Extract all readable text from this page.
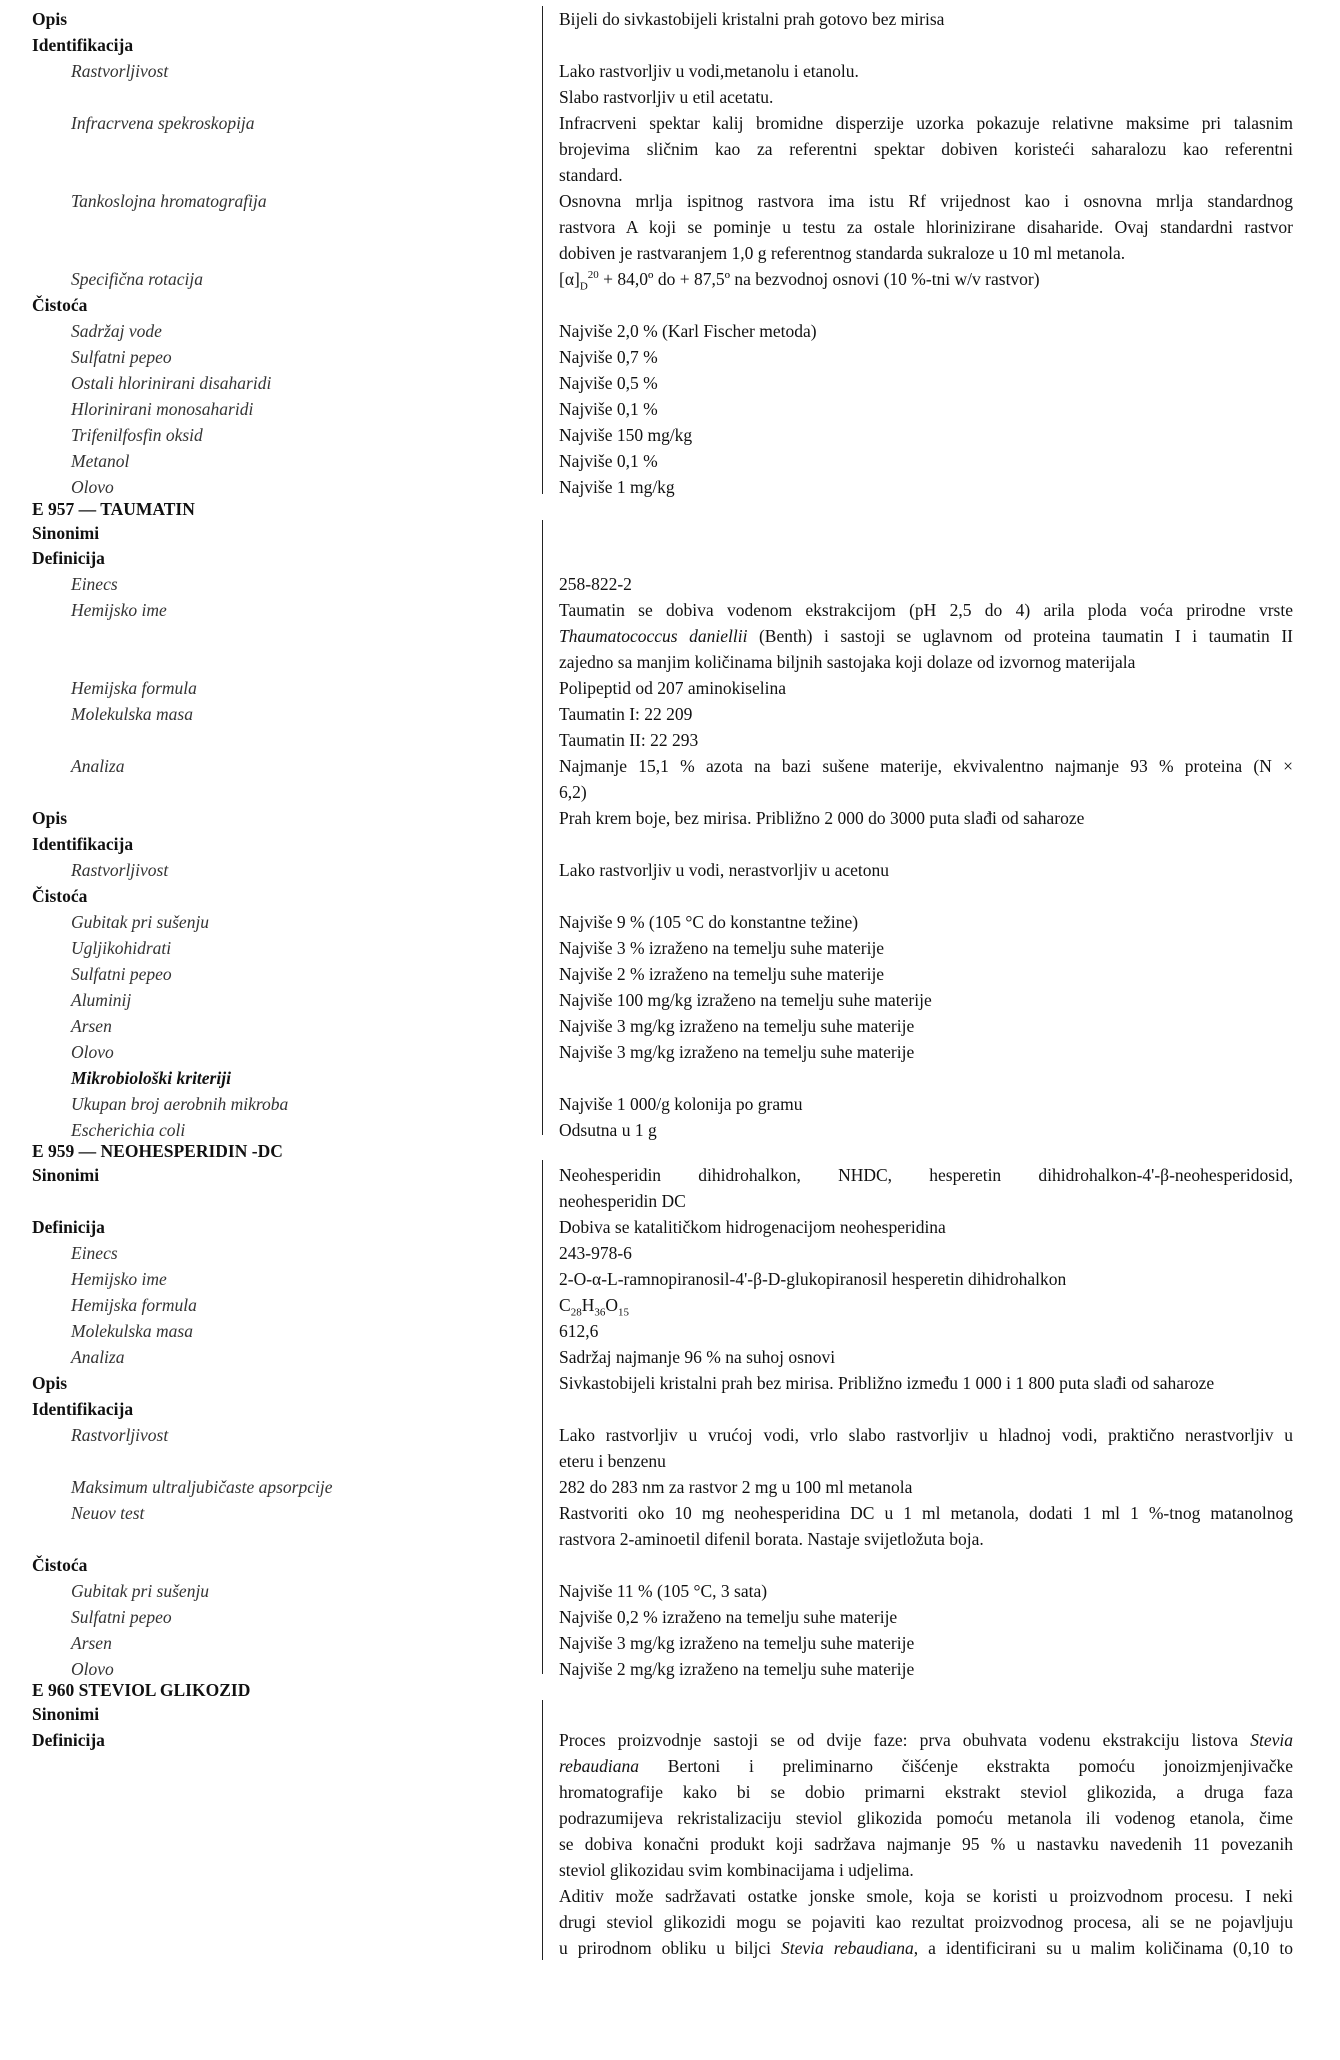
Opis	Bijeli do sivkastobijeli kristalni prah gotovo bez mirisa
Identifikacija
Rastvorljivost	Lako rastvorljiv u vodi,metanolu i etanolu.
Slabo rastvorljiv u etil acetatu.
Infracrvena spekroskopija	Infracrveni spektar kalij bromidne disperzije uzorka pokazuje relativne maksime pri talasnim
brojevima sličnim kao za referentni spektar dobiven koristeći saharalozu kao referentni
standard.
Tankoslojna hromatografija	Osnovna mrlja ispitnog rastvora ima istu Rf vrijednost kao i osnovna mrlja standardnog
rastvora A koji se pominje u testu za ostale hlorinizirane disaharide. Ovaj standardni rastvor
dobiven je rastvaranjem 1,0 g referentnog standarda sukraloze u 10 ml metanola.
Specifična rotacija	$[\alpha]_D^{20}$ + 84,0º do + 87,5º na bezvodnoj osnovi (10 %-tni w/v rastvor)
Čistoća
Sadržaj vode	Najviše 2,0 % (Karl Fischer metoda)
Sulfatni pepeo	Najviše 0,7 %
Ostali hlorinirani disaharidi	Najviše 0,5 %
Hlorinirani monosaharidi	Najviše 0,1 %
Trifenilfosfin oksid	Najviše 150 mg/kg
Metanol	Najviše 0,1 %
Olovo	Najviše 1 mg/kg
E 957 — TAUMATIN
Sinonimi
Definicija
Einecs	258-822-2
Hemijsko ime	Taumatin se dobiva vodenom ekstrakcijom (pH 2,5 do 4) arila ploda voća prirodne vrste
Thaumatococcus daniellii (Benth) i sastoji se uglavnom od proteina taumatin I i taumatin II
zajedno sa manjim količinama biljnih sastojaka koji dolaze od izvornog materijala
Hemijska formula	Polipeptid od 207 aminokiselina
Molekulska masa	Taumatin I: 22 209
Taumatin II: 22 293
Analiza	Najmanje 15,1 % azota na bazi sušene materije, ekvivalentno najmanje 93 % proteina (N ×
6,2)
Opis	Prah krem boje, bez mirisa. Približno 2 000 do 3000 puta slađi od saharoze
Identifikacija
Rastvorljivost	Lako rastvorljiv u vodi, nerastvorljiv u acetonu
Čistoća
Gubitak pri sušenju	Najviše 9 % (105 °C do konstantne težine)
Ugljikohidrati	Najviše 3 % izraženo na temelju suhe materije
Sulfatni pepeo	Najviše 2 % izraženo na temelju suhe materije
Aluminij	Najviše 100 mg/kg izraženo na temelju suhe materije
Arsen	Najviše 3 mg/kg izraženo na temelju suhe materije
Olovo	Najviše 3 mg/kg izraženo na temelju suhe materije
Mikrobiološki kriteriji
Ukupan broj aerobnih mikroba	Najviše 1 000/g kolonija po gramu
Escherichia coli	Odsutna u 1 g
E 959 — NEOHESPERIDIN -DC
Sinonimi	Neohesperidin dihidrohalkon, NHDC, hesperetin dihidrohalkon-4'-β-neohesperidosid,
neohesperidin DC
Definicija	Dobiva se katalitičkom hidrogenacijom neohesperidina
Einecs	243-978-6
Hemijsko ime	2-O-α-L-ramnopiranosil-4'-β-D-glukopiranosil hesperetin dihidrohalkon
Hemijska formula	$C_{28}H_{36}O_{15}$
Molekulska masa	612,6
Analiza	Sadržaj najmanje 96 % na suhoj osnovi
Opis	Sivkastobijeli kristalni prah bez mirisa. Približno između 1 000 i 1 800 puta slađi od saharoze
Identifikacija
Rastvorljivost	Lako rastvorljiv u vrućoj vodi, vrlo slabo rastvorljiv u hladnoj vodi, praktično nerastvorljiv u
eteru i benzenu
Maksimum ultraljubičaste apsorpcije	282 do 283 nm za rastvor 2 mg u 100 ml metanola
Neuov test	Rastvoriti oko 10 mg neohesperidina DC u 1 ml metanola, dodati 1 ml 1 %-tnog matanolnog
rastvora 2-aminoetil difenil borata. Nastaje svijetložuta boja.
Čistoća
Gubitak pri sušenju	Najviše 11 % (105 °C, 3 sata)
Sulfatni pepeo	Najviše 0,2 % izraženo na temelju suhe materije
Arsen	Najviše 3 mg/kg izraženo na temelju suhe materije
Olovo	Najviše 2 mg/kg izraženo na temelju suhe materije
E 960 STEVIOL GLIKOZID
Sinonimi
Definicija	Proces proizvodnje sastoji se od dvije faze: prva obuhvata vodenu ekstrakciju listova Stevia
rebaudiana Bertoni i preliminarno čišćenje ekstrakta pomoću jonoizmjenjivačke
hromatografije kako bi se dobio primarni ekstrakt steviol glikozida, a druga faza
podrazumijeva rekristalizaciju steviol glikozida pomoću metanola ili vodenog etanola, čime
se dobiva konačni produkt koji sadržava najmanje 95 % u nastavku navedenih 11 povezanih
steviol glikozidau svim kombinacijama i udjelima.
Aditiv može sadržavati ostatke jonske smole, koja se koristi u proizvodnom procesu. I neki
drugi steviol glikozidi mogu se pojaviti kao rezultat proizvodnog procesa, ali se ne pojavljuju
u prirodnom obliku u biljci Stevia rebaudiana, a identificirani su u malim količinama (0,10 to
